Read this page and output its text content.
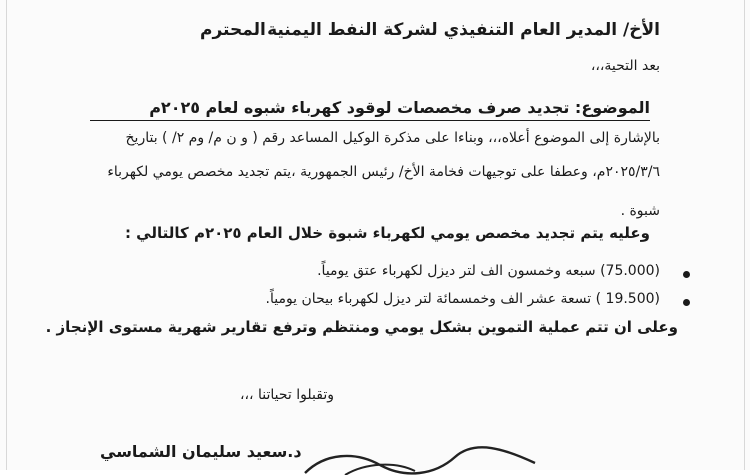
الأخ/ المدير العام التنفيذي لشركة النفط اليمنية
المحترم
بعد التحية،،،
الموضوع: تجديد صرف مخصصات لوقود كهرباء شبوه لعام ٢٠٢٥م
بالإشارة إلى الموضوع أعلاه،،، وبناءا على مذكرة الوكيل المساعد رقم ( و ن م/ وم ٢/ ) بتاريخ
٢٠٢٥/٣/٦م، وعطفا على توجيهات فخامة الأخ/ رئيس الجمهورية ،يتم تجديد مخصص يومي لكهرباء
شبوة .
وعليه يتم تجديد مخصص يومي لكهرباء شبوة خلال العام ٢٠٢٥م كالتالي :
(75.000) سبعه وخمسون الف لتر ديزل لكهرباء عتق يومياً.
(19.500 ) تسعة عشر الف وخمسمائة لتر ديزل لكهرباء بيحان يومياً.
وعلى ان تتم عملية التموين بشكل يومي ومنتظم وترفع تقارير شهرية مستوى الإنجاز .
وتقبلوا تحياتنا ،،،
د.سعيد سليمان الشماسي
